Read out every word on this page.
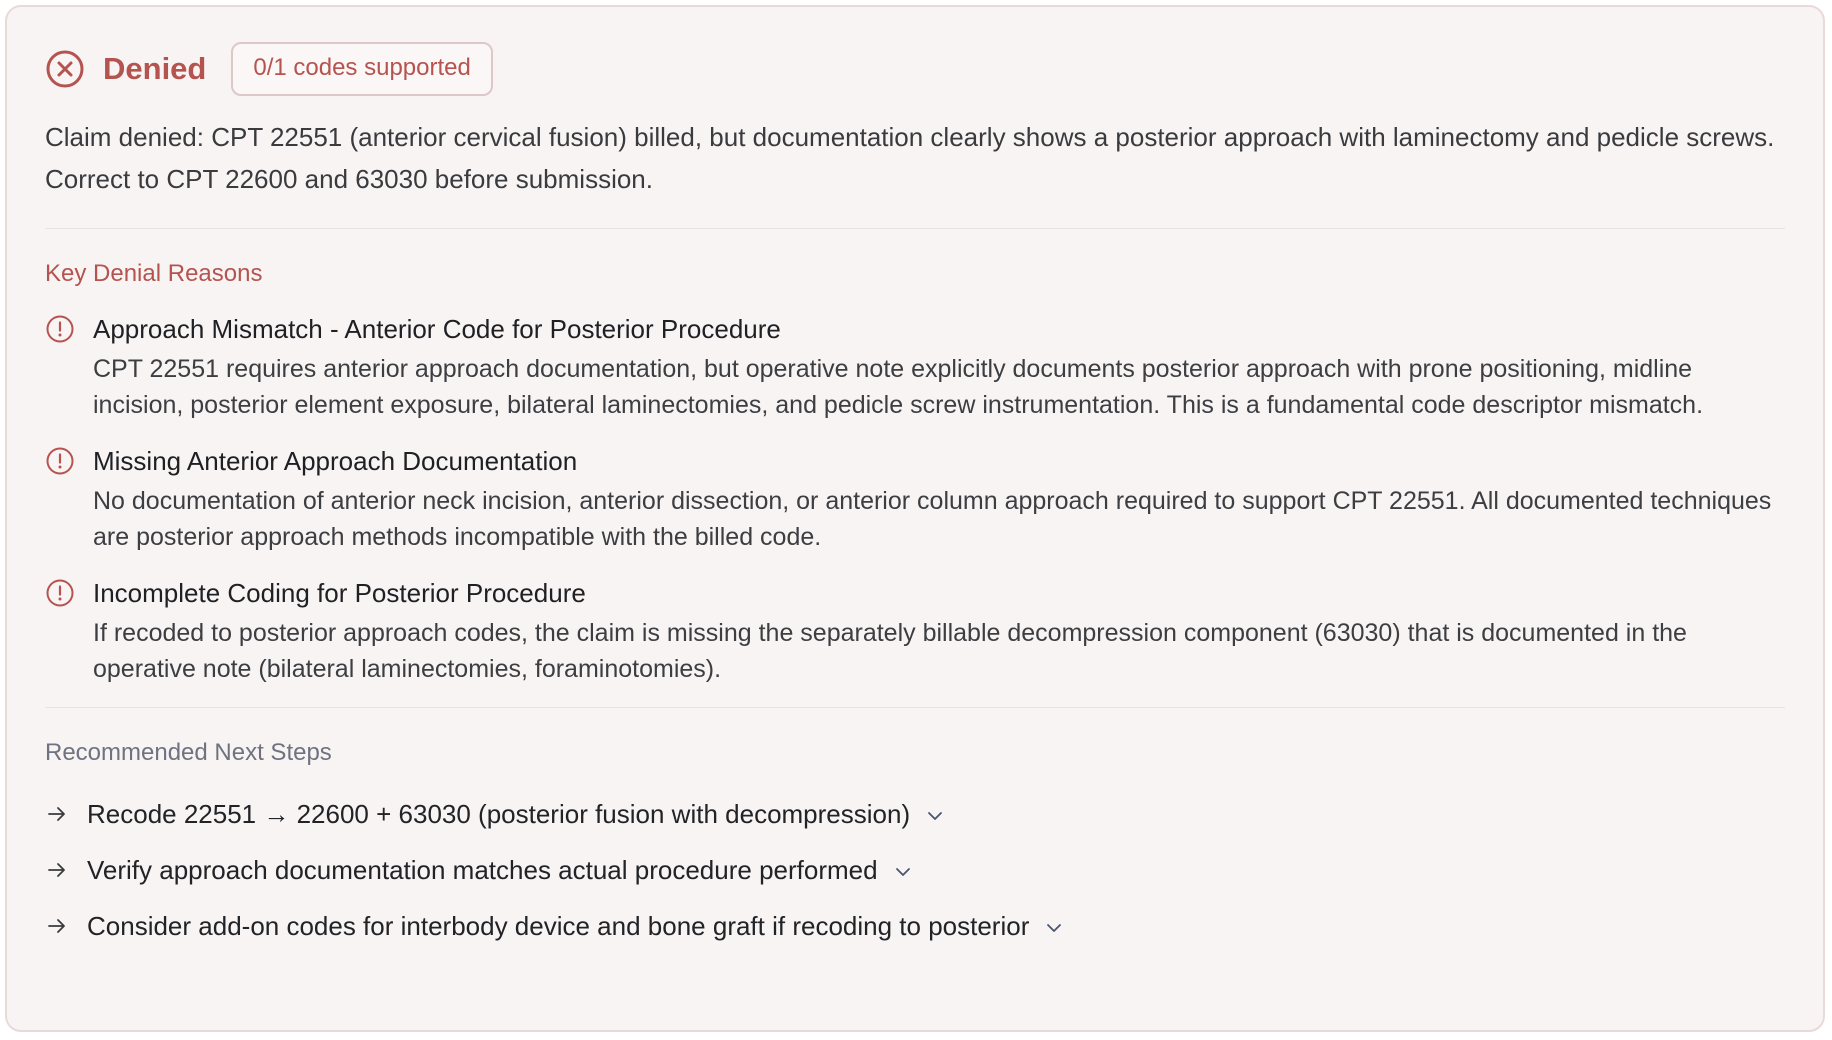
Denied	0/1 codes supported
Claim denied: CPT 22551 (anterior cervical fusion) billed, but documentation clearly shows a posterior approach with laminectomy and pedicle screws. Correct to CPT 22600 and 63030 before submission.
Key Denial Reasons
Approach Mismatch - Anterior Code for Posterior Procedure
CPT 22551 requires anterior approach documentation, but operative note explicitly documents posterior approach with prone positioning, midline incision, posterior element exposure, bilateral laminectomies, and pedicle screw instrumentation. This is a fundamental code descriptor mismatch.
Missing Anterior Approach Documentation
No documentation of anterior neck incision, anterior dissection, or anterior column approach required to support CPT 22551. All documented techniques are posterior approach methods incompatible with the billed code.
Incomplete Coding for Posterior Procedure
If recoded to posterior approach codes, the claim is missing the separately billable decompression component (63030) that is documented in the operative note (bilateral laminectomies, foraminotomies).
Recommended Next Steps
Recode 22551 → 22600 + 63030 (posterior fusion with decompression)
Verify approach documentation matches actual procedure performed
Consider add-on codes for interbody device and bone graft if recoding to posterior
